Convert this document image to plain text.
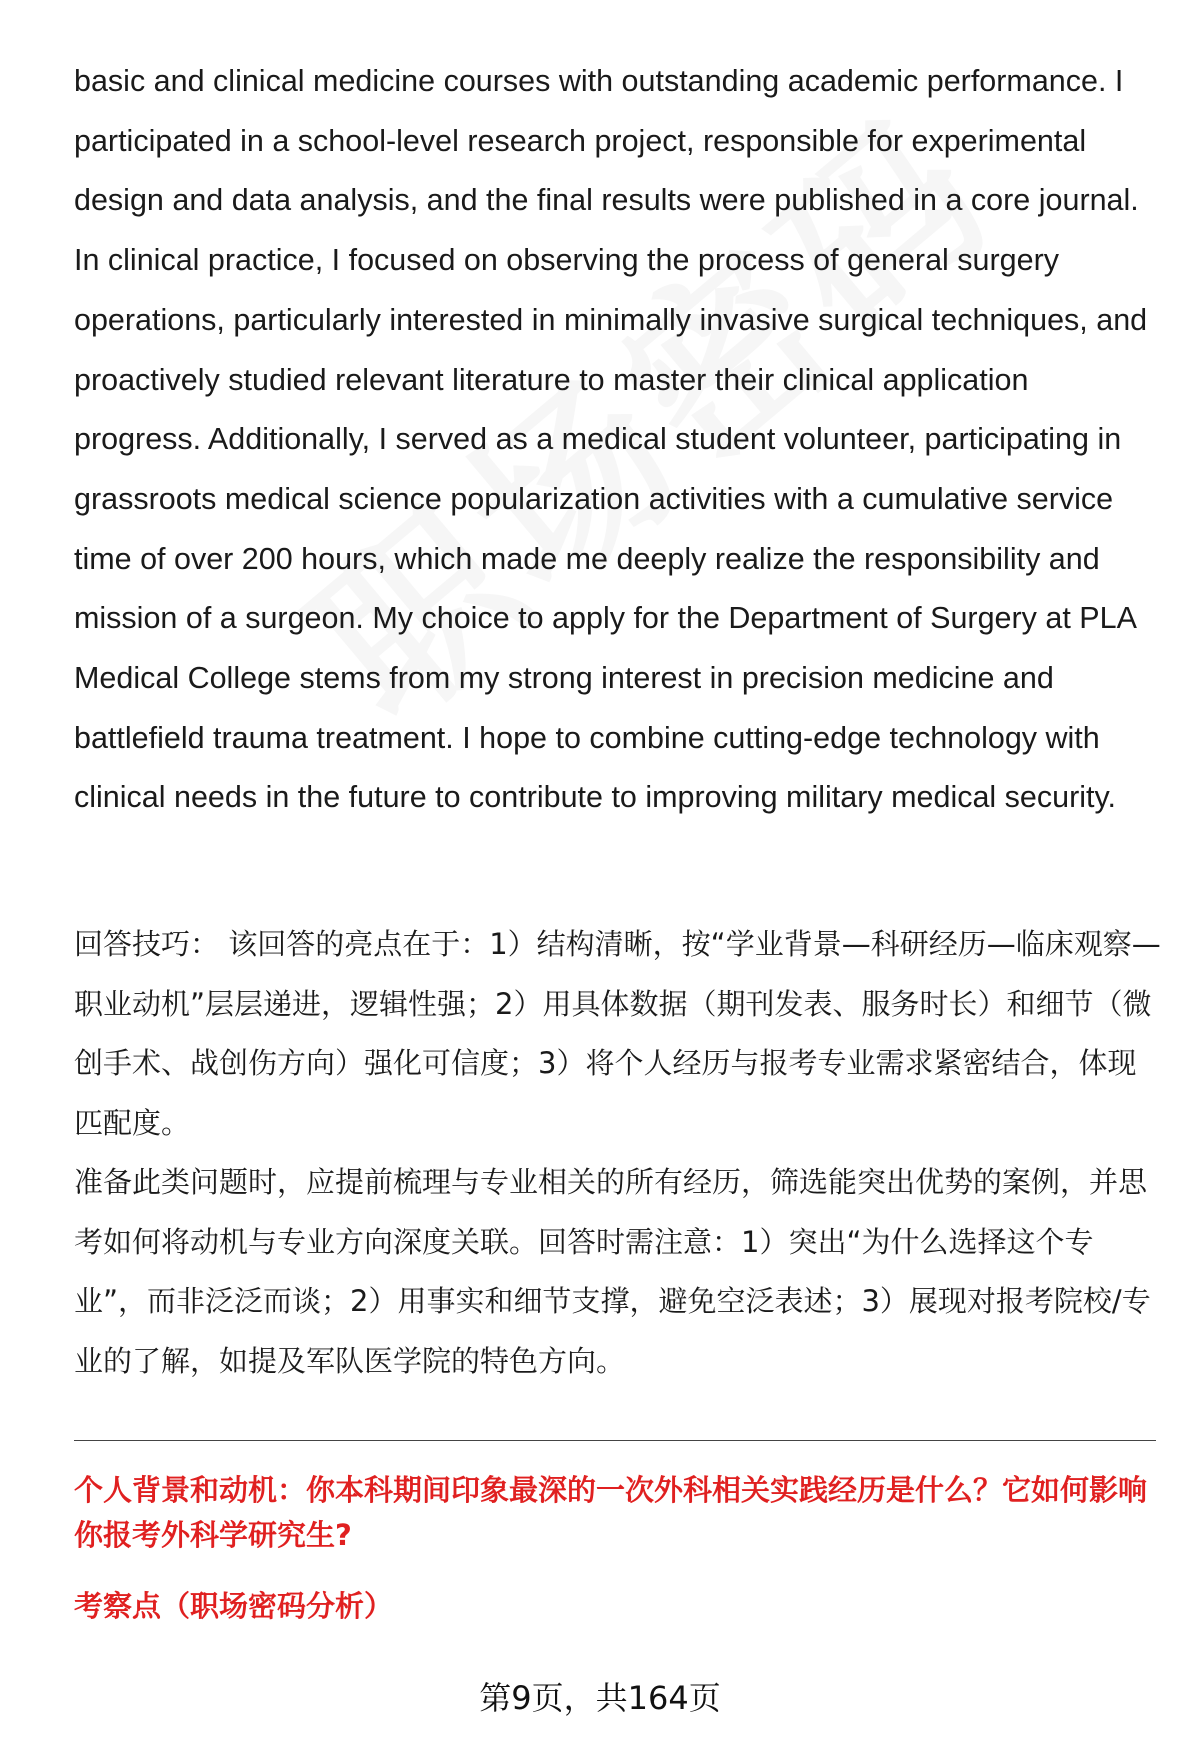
basic and clinical medicine courses with outstanding academic performance. I participated in a school-level research project, responsible for experimental design and data analysis, and the final results were published in a core journal. In clinical practice, I focused on observing the process of general surgery operations, particularly interested in minimally invasive surgical techniques, and proactively studied relevant literature to master their clinical application progress. Additionally, I served as a medical student volunteer, participating in grassroots medical science popularization activities with a cumulative service time of over 200 hours, which made me deeply realize the responsibility and mission of a surgeon. My choice to apply for the Department of Surgery at PLA Medical College stems from my strong interest in precision medicine and battlefield trauma treatment. I hope to combine cutting-edge technology with clinical needs in the future to contribute to improving military medical security.

回答技巧： 该回答的亮点在于：1）结构清晰，按“学业背景—科研经历—临床观察—职业动机”层层递进，逻辑性强；2）用具体数据（期刊发表、服务时长）和细节（微创手术、战创伤方向）强化可信度；3）将个人经历与报考专业需求紧密结合，体现匹配度。

准备此类问题时，应提前梳理与专业相关的所有经历，筛选能突出优势的案例，并思考如何将动机与专业方向深度关联。回答时需注意：1）突出“为什么选择这个专业”，而非泛泛而谈；2）用事实和细节支撑，避免空泛表述；3）展现对报考院校/专业的了解，如提及军队医学院的特色方向。

个人背景和动机：你本科期间印象最深的一次外科相关实践经历是什么？它如何影响你报考外科学研究生?

考察点（职场密码分析）

第9页，共164页
